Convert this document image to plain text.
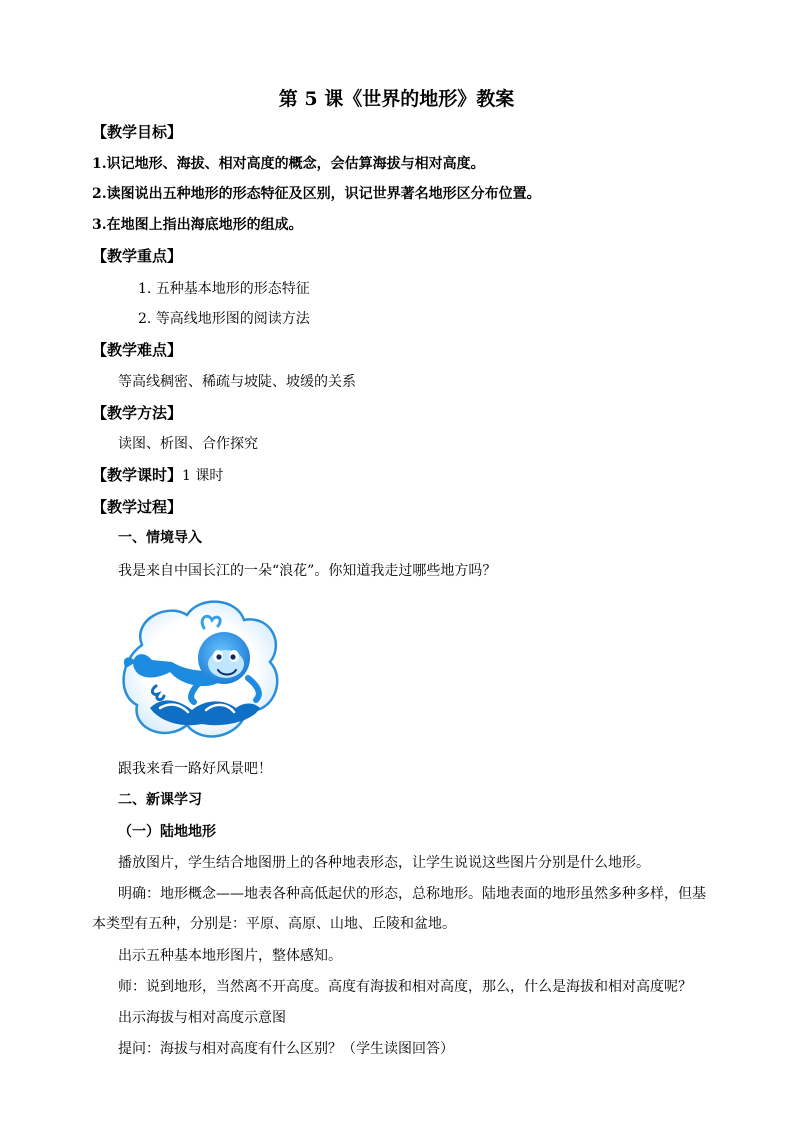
第 5 课《世界的地形》教案
【教学目标】
1.识记地形、海拔、相对高度的概念，会估算海拔与相对高度。
2.读图说出五种地形的形态特征及区别，识记世界著名地形区分布位置。
3.在地图上指出海底地形的组成。
【教学重点】
1. 五种基本地形的形态特征
2. 等高线地形图的阅读方法
【教学难点】
等高线稠密、稀疏与坡陡、坡缓的关系
【教学方法】
读图、析图、合作探究
【教学课时】1 课时
【教学过程】
一、情境导入
我是来自中国长江的一朵“浪花”。你知道我走过哪些地方吗？
跟我来看一路好风景吧！
二、新课学习
（一）陆地地形
播放图片，学生结合地图册上的各种地表形态，让学生说说这些图片分别是什么地形。
明确：地形概念——地表各种高低起伏的形态，总称地形。陆地表面的地形虽然多种多样，但基本类型有五种，分别是：平原、高原、山地、丘陵和盆地。
出示五种基本地形图片，整体感知。
师：说到地形，当然离不开高度。高度有海拔和相对高度，那么，什么是海拔和相对高度呢？
出示海拔与相对高度示意图
提问：海拔与相对高度有什么区别？（学生读图回答）
